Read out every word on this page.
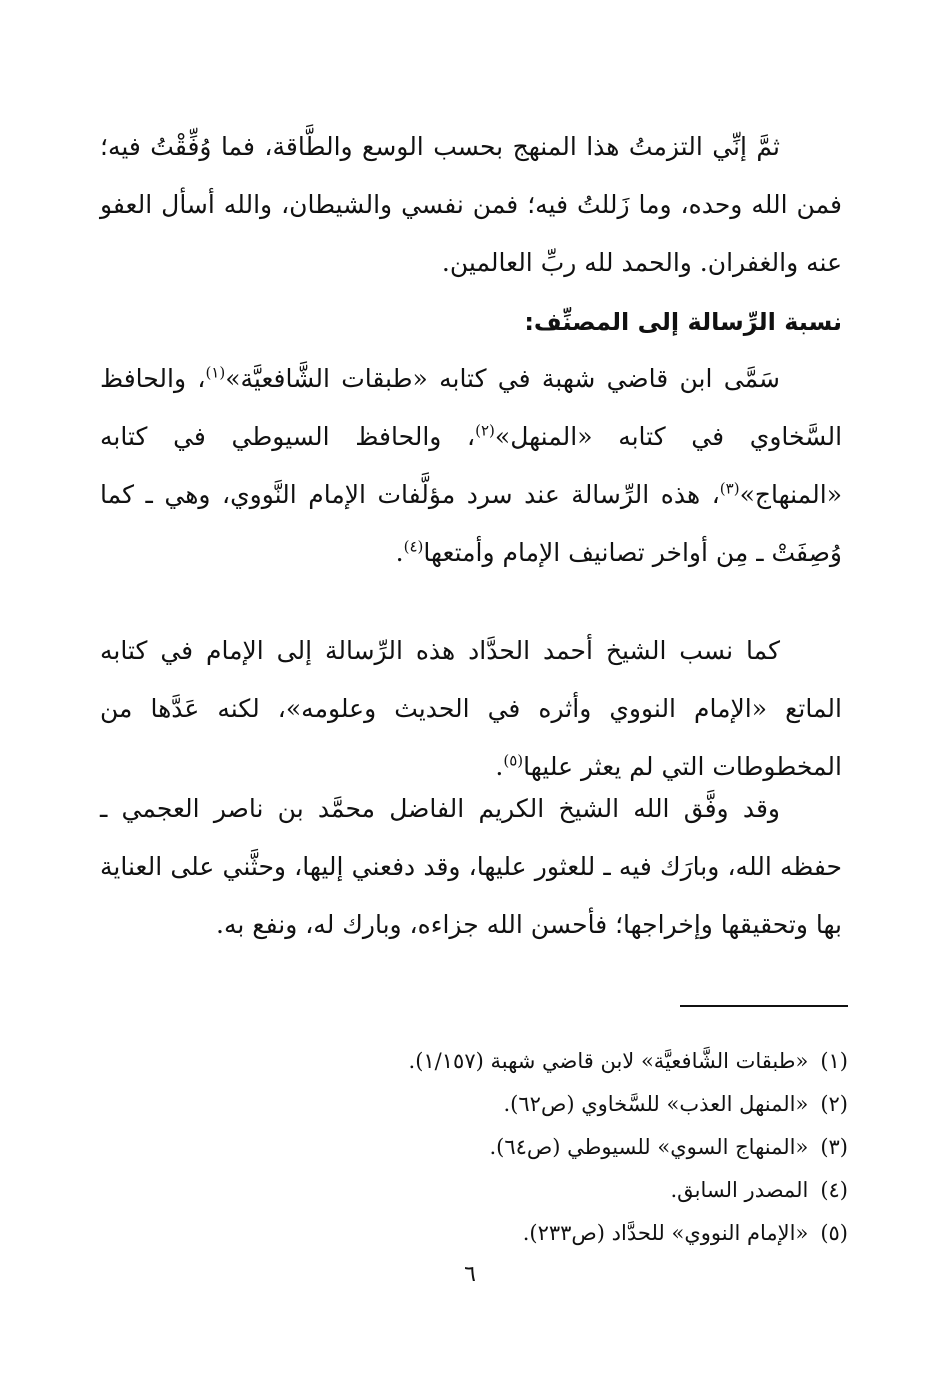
ثمَّ إنِّي التزمتُ هذا المنهج بحسب الوسع والطَّاقة، فما وُفِّقْتُ فيه؛ فمن الله وحده، وما زَللتُ فيه؛ فمن نفسي والشيطان، والله أسأل العفو عنه والغفران. والحمد لله ربِّ العالمين.

نسبة الرِّسالة إلى المصنِّف:

سَمَّى ابن قاضي شهبة في كتابه «طبقات الشَّافعيَّة»$^{(١)}$، والحافظ السَّخاوي في كتابه «المنهل»$^{(٢)}$، والحافظ السيوطي في كتابه «المنهاج»$^{(٣)}$، هذه الرِّسالة عند سرد مؤلَّفات الإمام النَّووي، وهي ـ كما وُصِفَتْ ـ مِن أواخر تصانيف الإمام وأمتعها$^{(٤)}$.

كما نسب الشيخ أحمد الحدَّاد هذه الرِّسالة إلى الإمام في كتابه الماتع «الإمام النووي وأثره في الحديث وعلومه»، لكنه عَدَّها من المخطوطات التي لم يعثر عليها$^{(٥)}$.

وقد وفَّق الله الشيخ الكريم الفاضل محمَّد بن ناصر العجمي ـ حفظه الله، وبارَك فيه ـ للعثور عليها، وقد دفعني إليها، وحثَّني على العناية بها وتحقيقها وإخراجها؛ فأحسن الله جزاءه، وبارك له، ونفع به.

(١)«طبقات الشَّافعيَّة» لابن قاضي شهبة (١/١٥٧).
(٢)«المنهل العذب» للسَّخاوي (ص٦٢).
(٣)«المنهاج السوي» للسيوطي (ص٦٤).
(٤)المصدر السابق.
(٥)«الإمام النووي» للحدَّاد (ص٢٣٣).
٦
